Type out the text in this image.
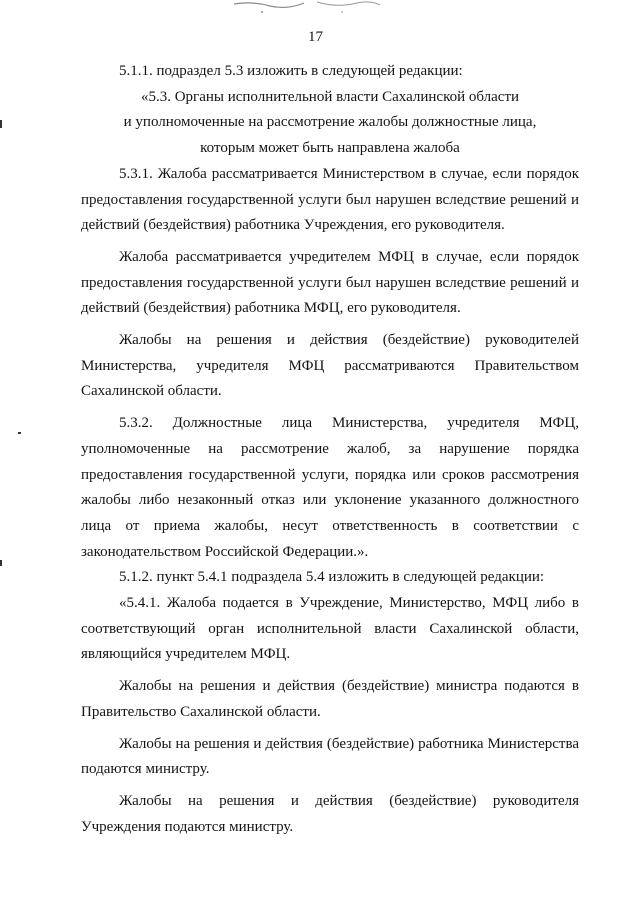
17

5.1.1. подраздел 5.3 изложить в следующей редакции:

«5.3. Органы исполнительной власти Сахалинской области

и уполномоченные на рассмотрение жалобы должностные лица,

которым может быть направлена жалоба

5.3.1. Жалоба рассматривается Министерством в случае, если порядок предоставления государственной услуги был нарушен вследствие решений и действий (бездействия) работника Учреждения, его руководителя.

Жалоба рассматривается учредителем МФЦ в случае, если порядок предоставления государственной услуги был нарушен вследствие решений и действий (бездействия) работника МФЦ, его руководителя.

Жалобы на решения и действия (бездействие) руководителей Министерства, учредителя МФЦ рассматриваются Правительством Сахалинской области.

5.3.2. Должностные лица Министерства, учредителя МФЦ, уполномоченные на рассмотрение жалоб, за нарушение порядка предоставления государственной услуги, порядка или сроков рассмотрения жалобы либо незаконный отказ или уклонение указанного должностного лица от приема жалобы, несут ответственность в соответствии с законодательством Российской Федерации.».

5.1.2. пункт 5.4.1 подраздела 5.4 изложить в следующей редакции:

«5.4.1. Жалоба подается в Учреждение, Министерство, МФЦ либо в соответствующий орган исполнительной власти Сахалинской области, являющийся учредителем МФЦ.

Жалобы на решения и действия (бездействие) министра подаются в Правительство Сахалинской области.

Жалобы на решения и действия (бездействие) работника Министерства подаются министру.

Жалобы на решения и действия (бездействие) руководителя Учреждения подаются министру.
